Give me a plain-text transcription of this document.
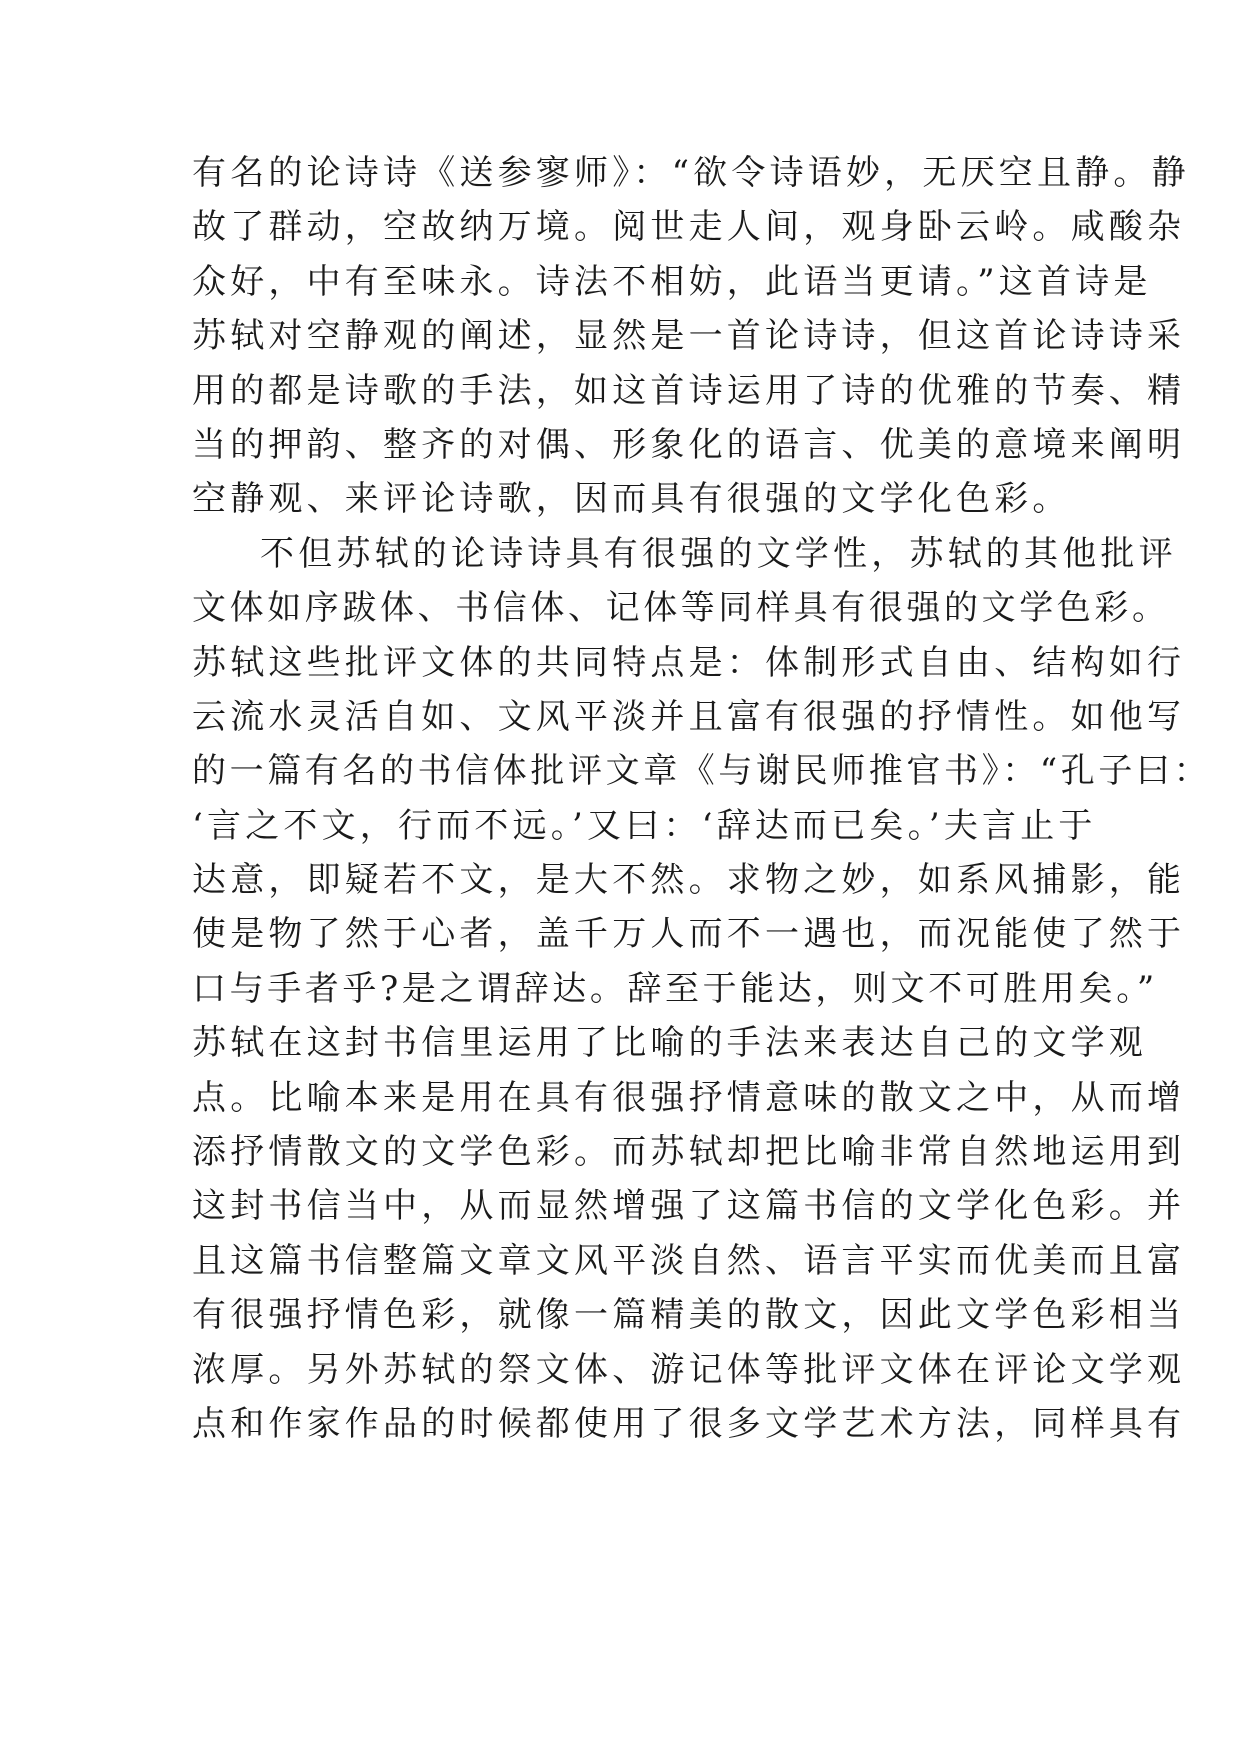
有名的论诗诗《送参寥师》：“欲令诗语妙，无厌空且静。静
故了群动，空故纳万境。阅世走人间，观身卧云岭。咸酸杂
众好，中有至味永。诗法不相妨，此语当更请。”这首诗是
苏轼对空静观的阐述，显然是一首论诗诗，但这首论诗诗采
用的都是诗歌的手法，如这首诗运用了诗的优雅的节奏、精
当的押韵、整齐的对偶、形象化的语言、优美的意境来阐明
空静观、来评论诗歌，因而具有很强的文学化色彩。
不但苏轼的论诗诗具有很强的文学性，苏轼的其他批评
文体如序跋体、书信体、记体等同样具有很强的文学色彩。
苏轼这些批评文体的共同特点是：体制形式自由、结构如行
云流水灵活自如、文风平淡并且富有很强的抒情性。如他写
的一篇有名的书信体批评文章《与谢民师推官书》：“孔子曰：
‘言之不文，行而不远。’又曰：‘辞达而已矣。’夫言止于
达意，即疑若不文，是大不然。求物之妙，如系风捕影，能
使是物了然于心者，盖千万人而不一遇也，而况能使了然于
口与手者乎?是之谓辞达。辞至于能达，则文不可胜用矣。”
苏轼在这封书信里运用了比喻的手法来表达自己的文学观
点。比喻本来是用在具有很强抒情意味的散文之中，从而增
添抒情散文的文学色彩。而苏轼却把比喻非常自然地运用到
这封书信当中，从而显然增强了这篇书信的文学化色彩。并
且这篇书信整篇文章文风平淡自然、语言平实而优美而且富
有很强抒情色彩，就像一篇精美的散文，因此文学色彩相当
浓厚。另外苏轼的祭文体、游记体等批评文体在评论文学观
点和作家作品的时候都使用了很多文学艺术方法，同样具有
